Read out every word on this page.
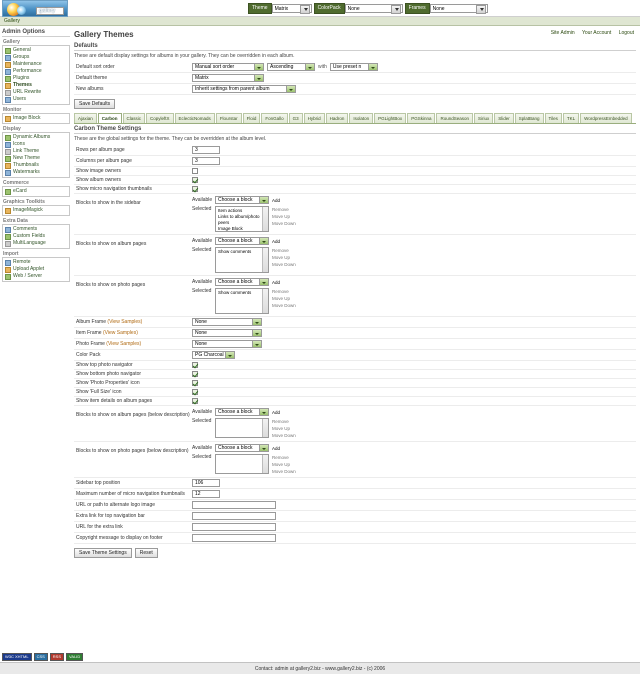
gallery	Theme	Matrix	ColorPack	None	Frames	None
Gallery
Site Admin Your Account Logout
Admin Options
Gallery
General
Groups
Maintenance
Performance
Plugins
Themes
URL Rewrite
Users
Monitor
Image Block
Display
Dynamic Albums
Icons
Link Theme
New Theme
Thumbnails
Watermarks
Commerce
eCard
Graphics Toolkits
ImageMagick
Extra Data
Comments
Custom Fields
MultiLanguage
Import
Remote
Upload Applet
Web / Server
Gallery Themes
Defaults
These are default display settings for albums in your gallery. They can be overridden in each album.
Default sort order	Manual sort order	Ascending	with	Use preset n
Default theme	Matrix
New albums	Inherit settings from parent album
Save Defaults
Ajaxian	Carbon	Classic	CopyleftX	EclecticNomads	Flourstar	Floid	FonGallo	G3	Hybrid	Hadron	Isolaton	PGLightBox	PGSkinna	RoundSeason	Siriux	Slider	SplatBang	Tiles	TKL	WordpressEmbedded
Carbon Theme Settings
These are the global settings for the theme. They can be overridden at the album level.
Rows per album page	3
Columns per album page	3
Show image owners
Show album owners
Show micro navigation thumbnails
Blocks to show in the sidebar	Available	Choose a block	Add
Selected Item actions
Links to album/photo peers
Image Block
Remove
Move Up
Move Down
Blocks to show on album pages	Available	Choose a block	Add
Selected Show comments	Remove
Move Up
Move Down
Blocks to show on photo pages	Available	Choose a block	Add
Selected Show comments	Remove
Move Up
Move Down
Album Frame (View Samples)	None
Item Frame (View Samples)	None
Photo Frame (View Samples)	None
Color Pack	PG Charcoal
Show top photo navigator
Show bottom photo navigator
Show 'Photo Properties' icon
Show 'Full Size' icon
Show item details on album pages
Blocks to show on album pages (below description) Available	Choose a block	Add
Selected	Remove
Move Up
Move Down
Blocks to show on photo pages (below description) Available	Choose a block	Add
Selected	Remove
Move Up
Move Down
Sidebar top position	106
Maximum number of micro navigation thumbnails	12
URL or path to alternate logo image
Extra link for top navigation bar
URL for the extra link
Copyright message to display on footer
Save Theme Settings	Reset
W3C XHTML	CSS	RSS	VALID
Contact: admin at gallery2.biz - www.gallery2.biz - (c) 2006
